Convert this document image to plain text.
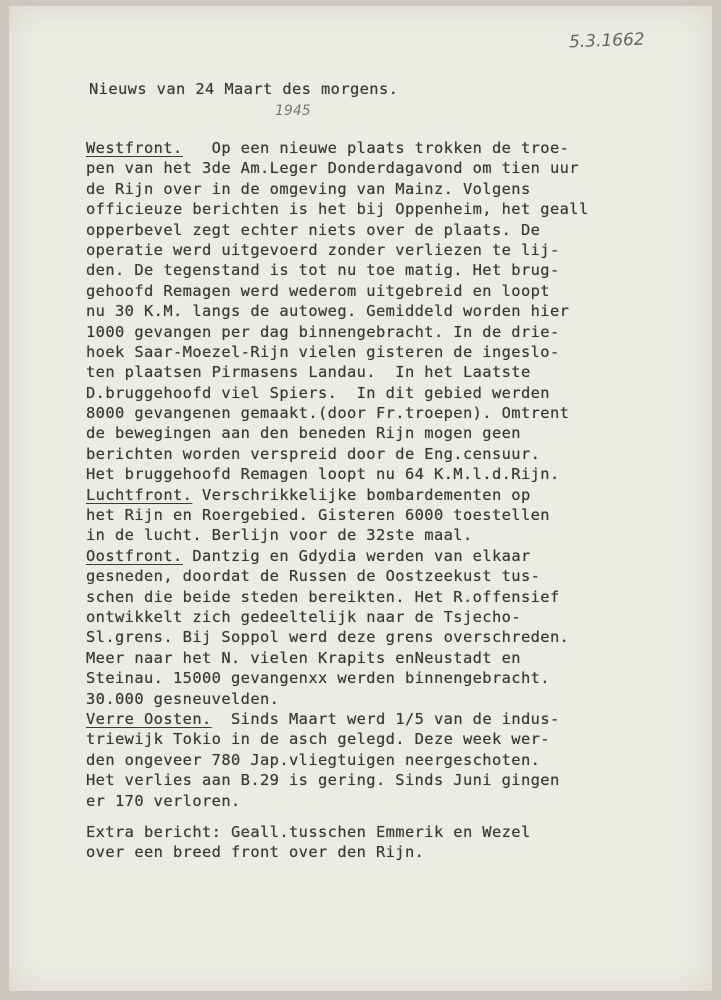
5.3.1662
1945
Nieuws van 24 Maart des morgens.
Westfront.   Op een nieuwe plaats trokken de troe-
pen van het 3de Am.Leger Donderdagavond om tien uur
de Rijn over in de omgeving van Mainz. Volgens
officieuze berichten is het bij Oppenheim, het geall
opperbevel zegt echter niets over de plaats. De
operatie werd uitgevoerd zonder verliezen te lij-
den. De tegenstand is tot nu toe matig. Het brug-
gehoofd Remagen werd wederom uitgebreid en loopt
nu 30 K.M. langs de autoweg. Gemiddeld worden hier
1000 gevangen per dag binnengebracht. In de drie-
hoek Saar-Moezel-Rijn vielen gisteren de ingeslo-
ten plaatsen Pirmasens Landau.  In het Laatste
D.bruggehoofd viel Spiers.  In dit gebied werden
8000 gevangenen gemaakt.(door Fr.troepen). Omtrent
de bewegingen aan den beneden Rijn mogen geen
berichten worden verspreid door de Eng.censuur.
Het bruggehoofd Remagen loopt nu 64 K.M.l.d.Rijn.
Luchtfront. Verschrikkelijke bombardementen op
het Rijn en Roergebied. Gisteren 6000 toestellen
in de lucht. Berlijn voor de 32ste maal.
Oostfront. Dantzig en Gdydia werden van elkaar
gesneden, doordat de Russen de Oostzeekust tus-
schen die beide steden bereikten. Het R.offensief
ontwikkelt zich gedeeltelijk naar de Tsjecho-
Sl.grens. Bij Soppol werd deze grens overschreden.
Meer naar het N. vielen Krapits enNeustadt en
Steinau. 15000 gevangenxx werden binnengebracht.
30.000 gesneuvelden.
Verre Oosten.  Sinds Maart werd 1/5 van de indus-
triewijk Tokio in de asch gelegd. Deze week wer-
den ongeveer 780 Jap.vliegtuigen neergeschoten.
Het verlies aan B.29 is gering. Sinds Juni gingen
er 170 verloren.
Extra bericht: Geall.tusschen Emmerik en Wezel
over een breed front over den Rijn.
